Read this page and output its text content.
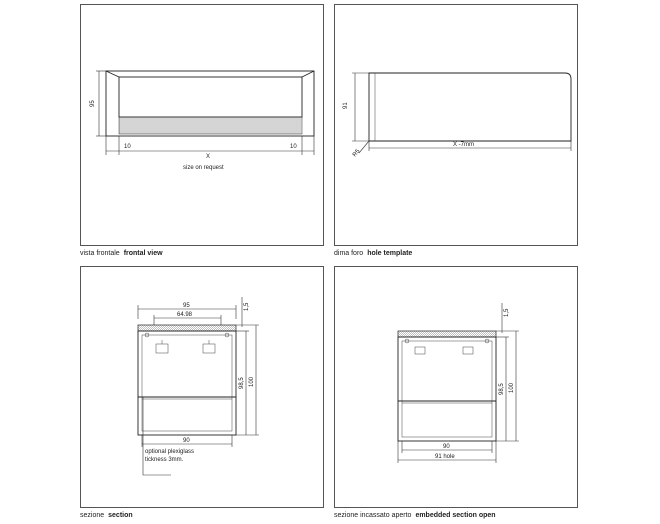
95
10	10
X
size on request
vista frontale frontal view
91
R5
X -7mm
dima foro hole template
95
64.98
1,5
98,5 100
90
optional plexiglass
tickness 3mm.
sezione section
1,5
98,5 100
90
91 hole
sezione incassato aperto embedded section open
